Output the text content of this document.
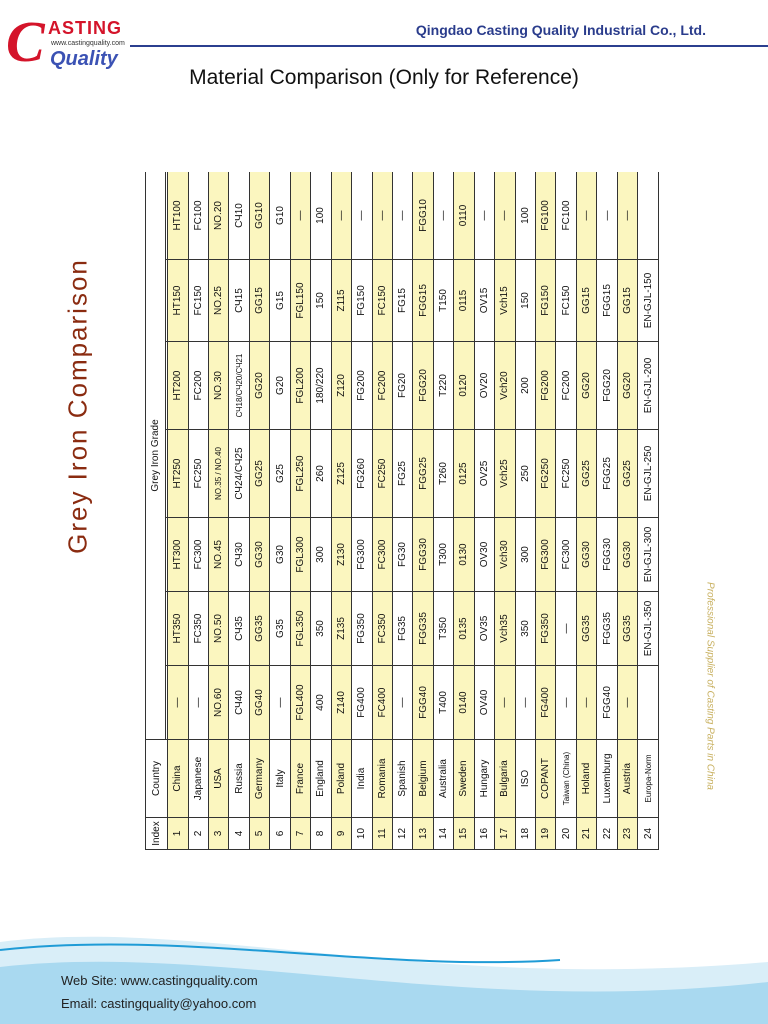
C ASTING
www.castingquality.com
Quality
Qingdao Casting Quality Industrial Co., Ltd.
Material Comparison (Only for Reference)
Grey Iron Comparison
Index	Country	Grey Iron Grade						

1	China	—	HT350	HT300	HT250	HT200	HT150	HT100
2	Japanese	—	FC350	FC300	FC250	FC200	FC150	FC100
3	USA	NO.60	NO.50	NO.45	NO.35 / NO.40	NO.30	NO.25	NO.20
4	Russia	СЧ40	СЧ35	СЧ30	СЧ24/СЧ25	СЧ18/СЧ20/СЧ21	СЧ15	СЧ10
5	Germany	GG40	GG35	GG30	GG25	GG20	GG15	GG10
6	Italy	—	G35	G30	G25	G20	G15	G10
7	France	FGL400	FGL350	FGL300	FGL250	FGL200	FGL150	—
8	England	400	350	300	260	180/220	150	100
9	Poland	Z140	Z135	Z130	Z125	Z120	Z115	—
10	India	FG400	FG350	FG300	FG260	FG200	FG150	—
11	Romania	FC400	FC350	FC300	FC250	FC200	FC150	—
12	Spanish	—	FG35	FG30	FG25	FG20	FG15	—
13	Belgium	FGG40	FGG35	FGG30	FGG25	FGG20	FGG15	FGG10
14	Australia	T400	T350	T300	T260	T220	T150	—
15	Sweden	0140	0135	0130	0125	0120	0115	0110
16	Hungary	OV40	OV35	OV30	OV25	OV20	OV15	—
17	Bulgaria	—	Vch35	Vch30	Vch25	Vch20	Vch15	—
18	ISO	—	350	300	250	200	150	100
19	COPANT	FG400	FG350	FG300	FG250	FG200	FG150	FG100
20	Taiwan (China)	—	—	FC300	FC250	FC200	FC150	FC100
21	Holand	—	GG35	GG30	GG25	GG20	GG15	—
22	Luxemburg	FGG40	FGG35	FGG30	FGG25	FGG20	FGG15	—
23	Austria	—	GG35	GG30	GG25	GG20	GG15	—
24	Europa-Norm		EN-GJL-350	EN-GJL-300	EN-GJL-250	EN-GJL-200	EN-GJL-150	
Professional Supplier of Casting Parts in China
Web Site: www.castingquality.com
Email: castingquality@yahoo.com
